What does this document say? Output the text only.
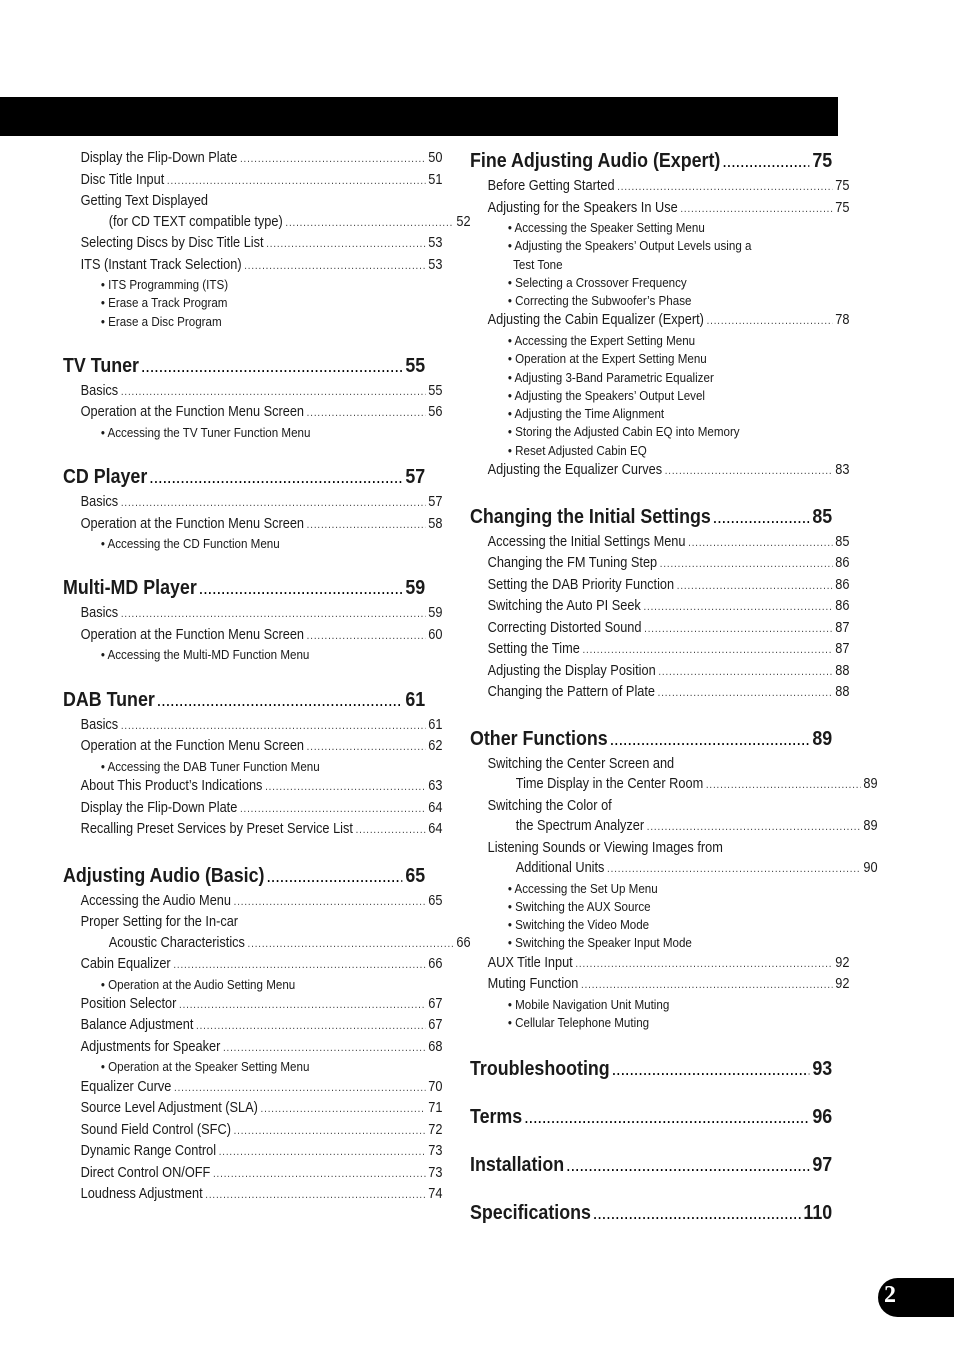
Display the Flip-Down Plate .....	50
Disc Title Input .....	51
Getting Text Displayed
(for CD TEXT compatible type) .....	52
Selecting Discs by Disc Title List .....	53
ITS (Instant Track Selection) .....	53
• ITS Programming (ITS)
• Erase a Track Program
• Erase a Disc Program
TV Tuner .....	55
Basics .....	55
Operation at the Function Menu Screen .....	56
• Accessing the TV Tuner Function Menu
CD Player .....	57
Basics .....	57
Operation at the Function Menu Screen .....	58
• Accessing the CD Function Menu
Multi-MD Player .....	59
Basics .....	59
Operation at the Function Menu Screen .....	60
• Accessing the Multi-MD Function Menu
DAB Tuner .....	61
Basics .....	61
Operation at the Function Menu Screen .....	62
• Accessing the DAB Tuner Function Menu
About This Product’s Indications .....	63
Display the Flip-Down Plate .....	64
Recalling Preset Services by Preset Service List .....	64
Adjusting Audio (Basic) .....	65
Accessing the Audio Menu .....	65
Proper Setting for the In-car
Acoustic Characteristics .....	66
Cabin Equalizer .....	66
• Operation at the Audio Setting Menu
Position Selector .....	67
Balance Adjustment .....	67
Adjustments for Speaker .....	68
• Operation at the Speaker Setting Menu
Equalizer Curve .....	70
Source Level Adjustment (SLA) .....	71
Sound Field Control (SFC) .....	72
Dynamic Range Control .....	73
Direct Control ON/OFF .....	73
Loudness Adjustment .....	74
Fine Adjusting Audio (Expert) .....	75
Before Getting Started .....	75
Adjusting for the Speakers In Use .....	75
• Accessing the Speaker Setting Menu
• Adjusting the Speakers’ Output Levels using a
Test Tone
• Selecting a Crossover Frequency
• Correcting the Subwoofer’s Phase
Adjusting the Cabin Equalizer (Expert) .....	78
• Accessing the Expert Setting Menu
• Operation at the Expert Setting Menu
• Adjusting 3-Band Parametric Equalizer
• Adjusting the Speakers’ Output Level
• Adjusting the Time Alignment
• Storing the Adjusted Cabin EQ into Memory
• Reset Adjusted Cabin EQ
Adjusting the Equalizer Curves .....	83
Changing the Initial Settings .....	85
Accessing the Initial Settings Menu .....	85
Changing the FM Tuning Step .....	86
Setting the DAB Priority Function .....	86
Switching the Auto PI Seek .....	86
Correcting Distorted Sound .....	87
Setting the Time .....	87
Adjusting the Display Position .....	88
Changing the Pattern of Plate .....	88
Other Functions .....	89
Switching the Center Screen and
Time Display in the Center Room .....	89
Switching the Color of
the Spectrum Analyzer .....	89
Listening Sounds or Viewing Images from
Additional Units .....	90
• Accessing the Set Up Menu
• Switching the AUX Source
• Switching the Video Mode
• Switching the Speaker Input Mode
AUX Title Input .....	92
Muting Function .....	92
• Mobile Navigation Unit Muting
• Cellular Telephone Muting
Troubleshooting .....	93
Terms .....	96
Installation .....	97
Specifications .....	110
2
